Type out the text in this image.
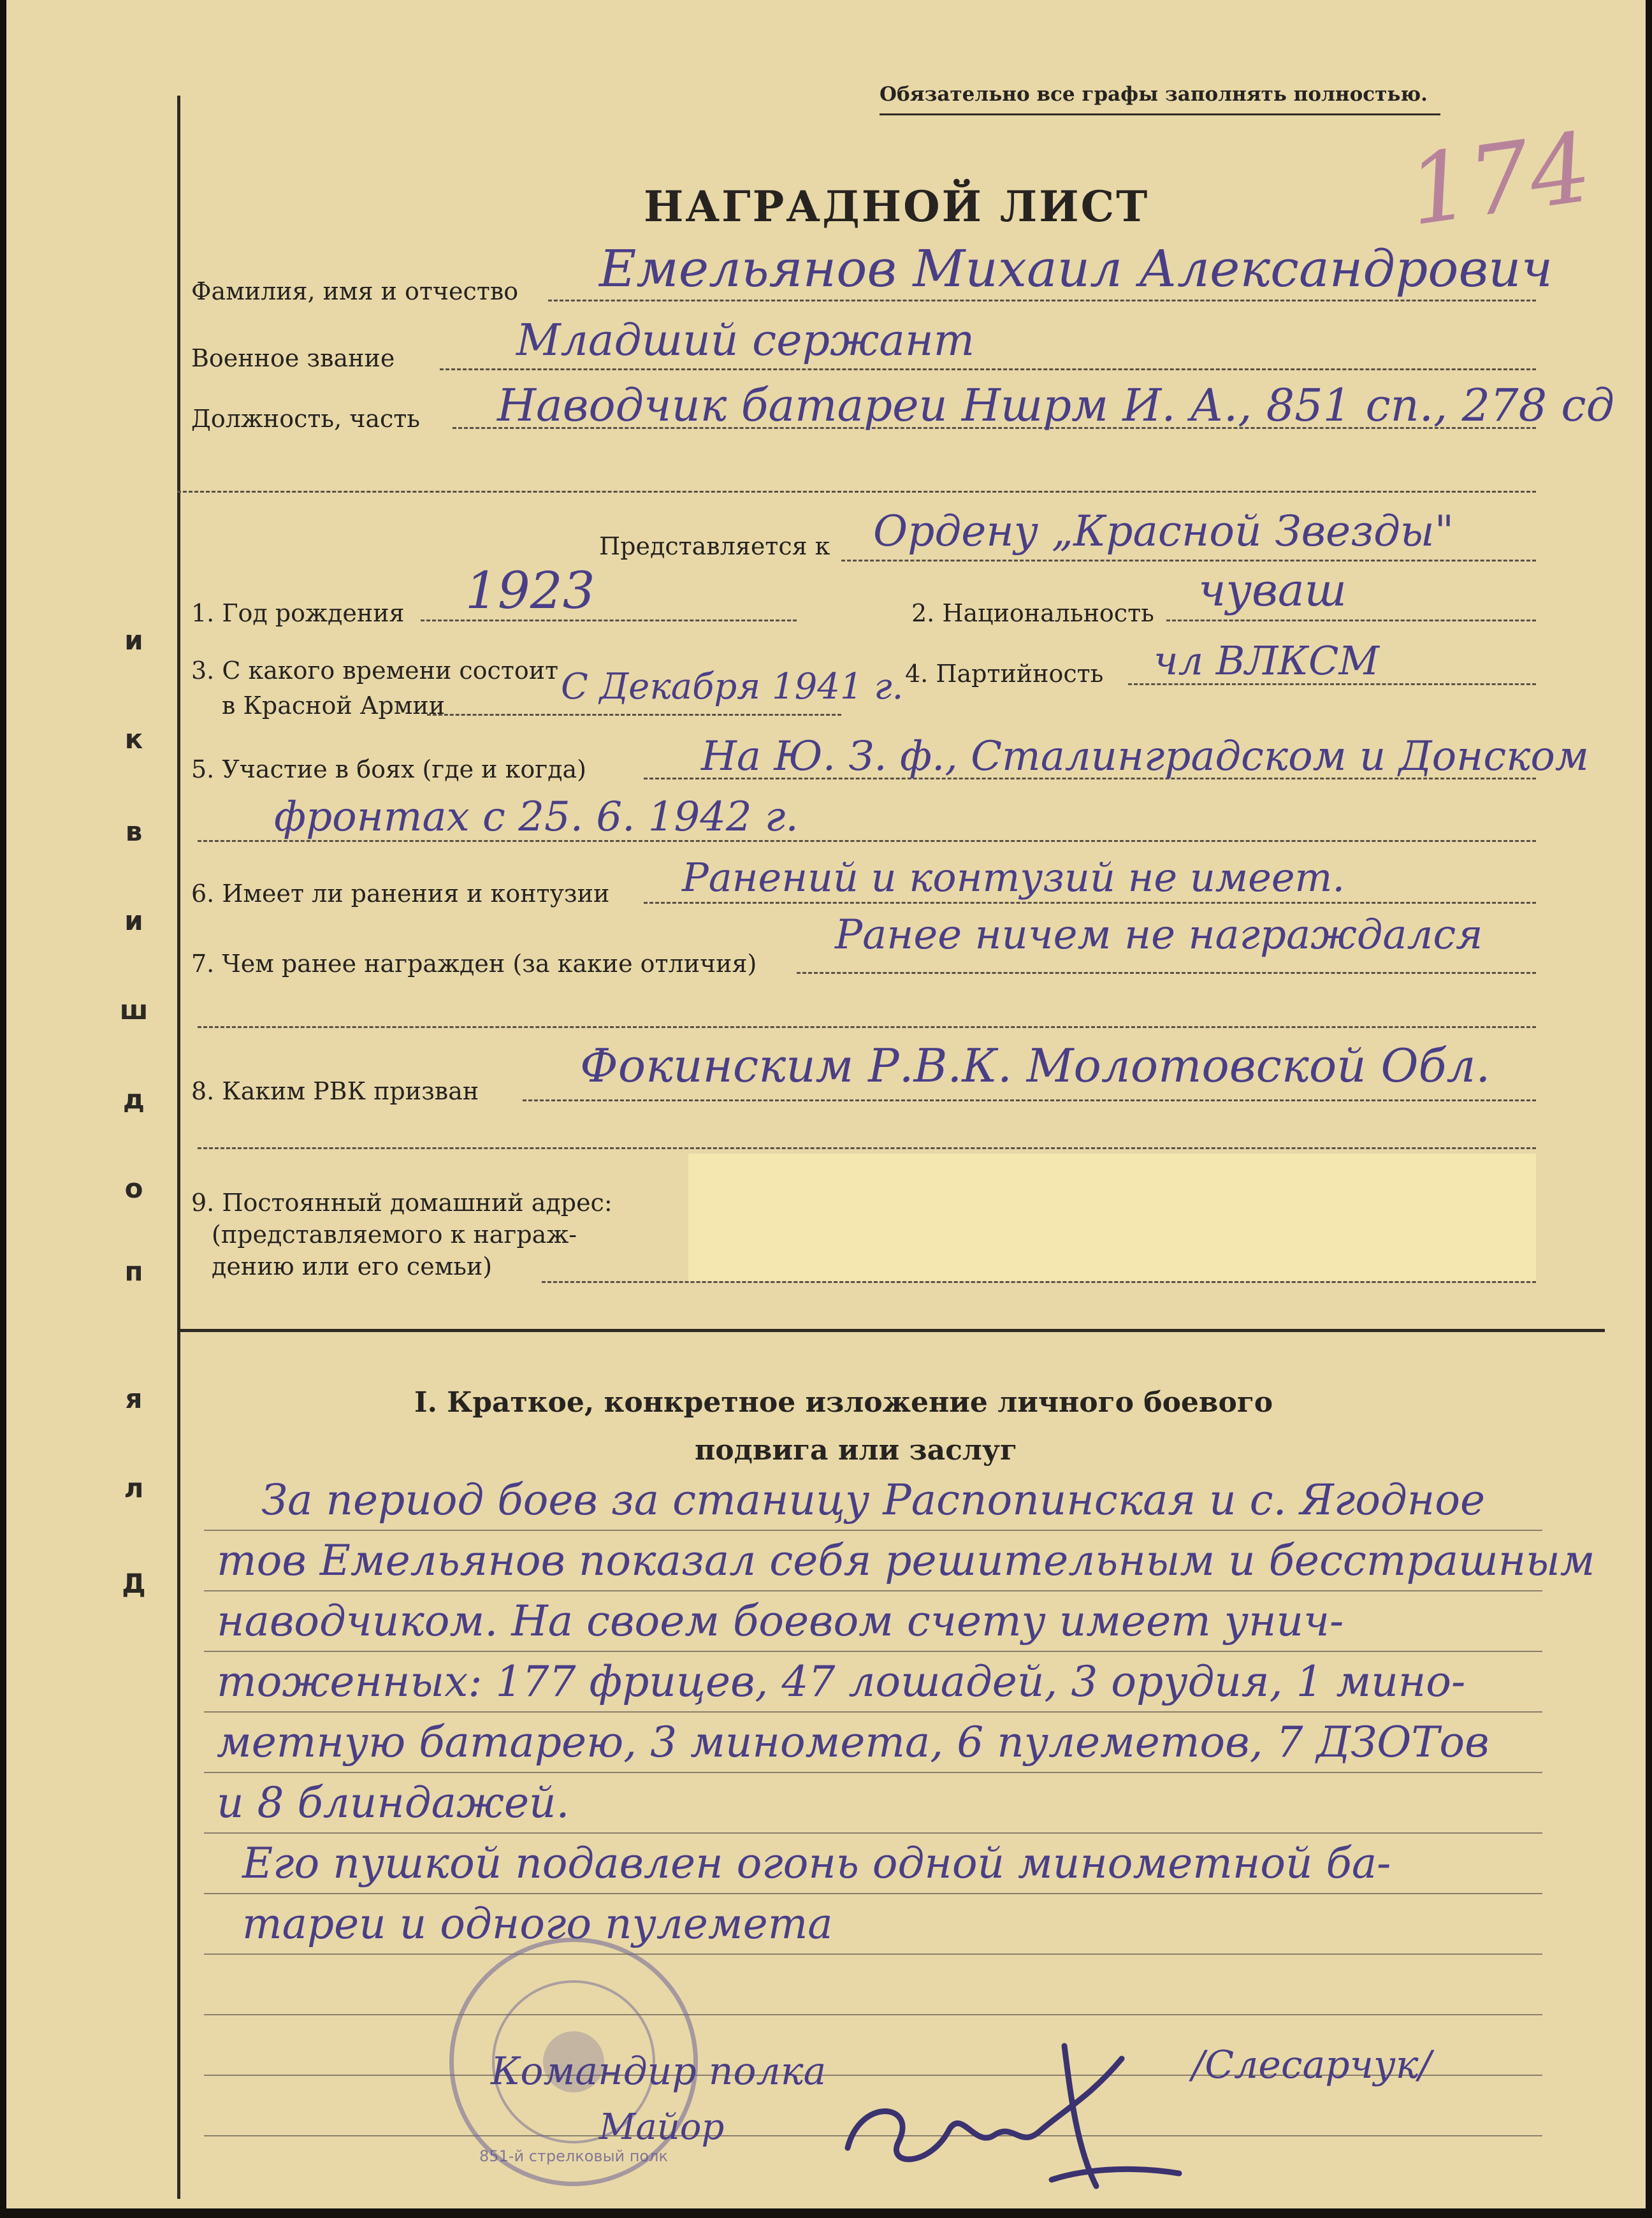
Обязательно все графы заполнять полностью.
174
НАГРАДНОЙ ЛИСТ
и
к
в
и
ш
д
о
п
я
л
Д
Фамилия, имя и отчество Емельянов Михаил Александрович
Военное звание	Младший сержант
Должность, часть Наводчик батареи Ншрм И. А., 851 сп., 278 сд
Представляется к Ордену „Красной Звезды"
1. Год рождения 1923	2. Национальность чуваш
3. С какого времени состоит
в Красной Армии	С Декабря 1941 г. 4. Партийность чл ВЛКСМ
5. Участие в боях (где и когда)	На Ю. З. ф., Сталинградском и Донском
фронтах с 25. 6. 1942 г.
6. Имеет ли ранения и контузии Ранений и контузий не имеет.
7. Чем ранее награжден (за какие отличия)
Ранее ничем не награждался
8. Каким РВК призван Фокинским Р.В.К. Молотовской Обл.
9. Постоянный домашний адрес:
(представляемого к награж-
дению или его семьи)
I. Краткое, конкретное изложение личного боевого
подвига или заслуг
За период боев за станицу Распопинская и с. Ягодное
тов Емельянов показал себя решительным и бесстрашным
наводчиком. На своем боевом счету имеет унич-
тоженных: 177 фрицев, 47 лошадей, 3 орудия, 1 мино-
метную батарею, 3 миномета, 6 пулеметов, 7 ДЗОТов
и 8 блиндажей.
Его пушкой подавлен огонь одной минометной ба-
тареи и одного пулемета
851-й стрелковый полк
Командир полка
Майор
/Слесарчук/
